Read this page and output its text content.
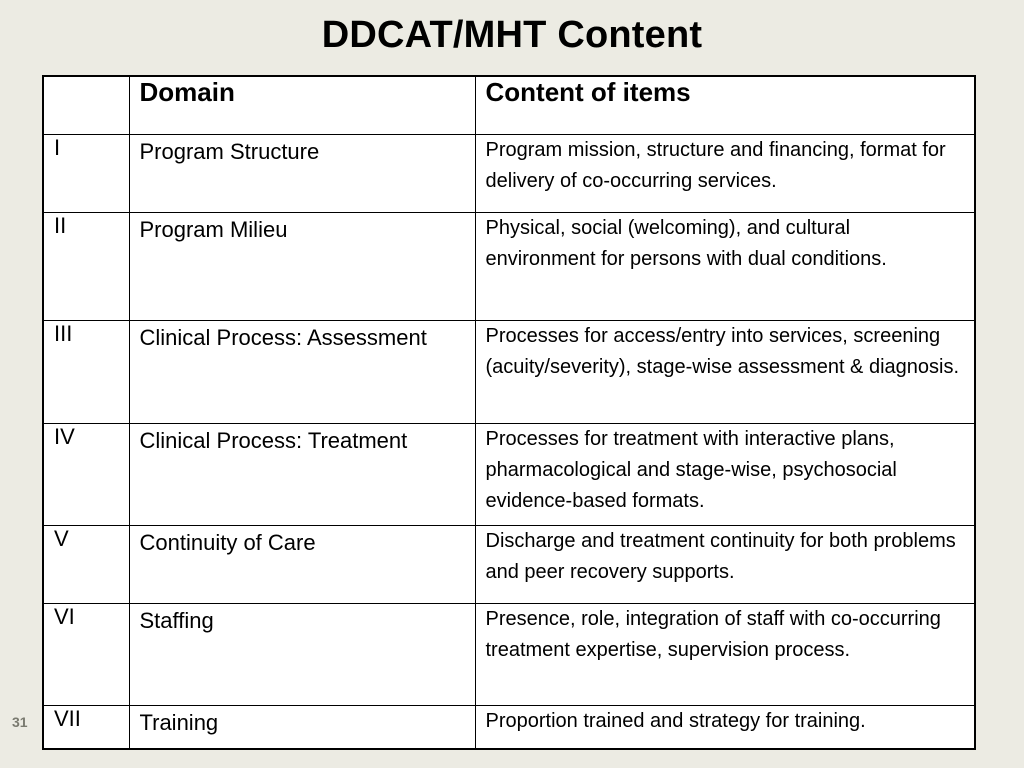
DDCAT/MHT Content
	Domain	Content of items
I	Program Structure	Program mission, structure and financing, format for delivery of co-occurring services.
II	Program Milieu	Physical, social (welcoming), and cultural environment for persons with dual conditions.
III	Clinical Process: Assessment	Processes for access/entry into services, screening (acuity/severity), stage-wise assessment & diagnosis.
IV	Clinical Process: Treatment	Processes for treatment with interactive plans, pharmacological and stage-wise, psychosocial evidence-based formats.
V	Continuity of Care	Discharge and treatment continuity for both problems and peer recovery supports.
VI	Staffing	Presence, role, integration of staff with co-occurring treatment expertise, supervision process.
VII	Training	Proportion trained and strategy for training.
31
